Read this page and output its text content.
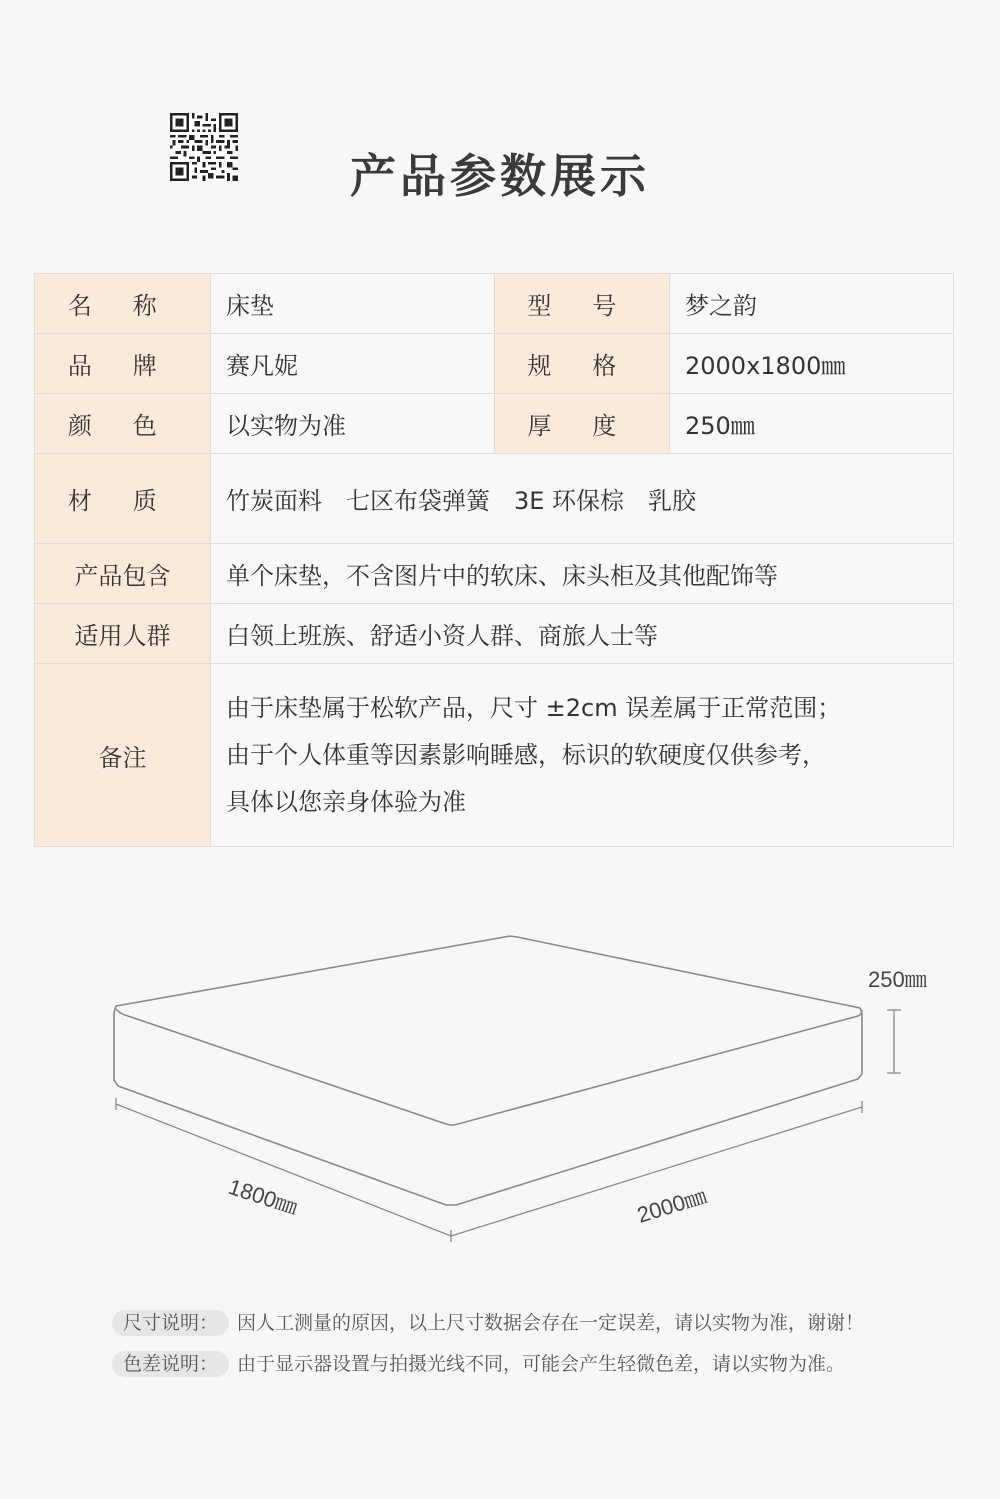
产品参数展示
名称	床垫	型号	梦之韵
品牌	赛凡妮	规格	2000x1800㎜
颜色	以实物为准	厚度	250㎜
材质	竹炭面料　七区布袋弹簧　3E 环保棕　乳胶		
产品包含	单个床垫，不含图片中的软床、床头柜及其他配饰等		
适用人群	白领上班族、舒适小资人群、商旅人士等		
备注	由于床垫属于松软产品，尺寸 ±2cm 误差属于正常范围；
由于个人体重等因素影响睡感，标识的软硬度仅供参考，
具体以您亲身体验为准		
250㎜
1800㎜	2000㎜
尺寸说明： 因人工测量的原因，以上尺寸数据会存在一定误差，请以实物为准，谢谢！
色差说明： 由于显示器设置与拍摄光线不同，可能会产生轻微色差，请以实物为准。
